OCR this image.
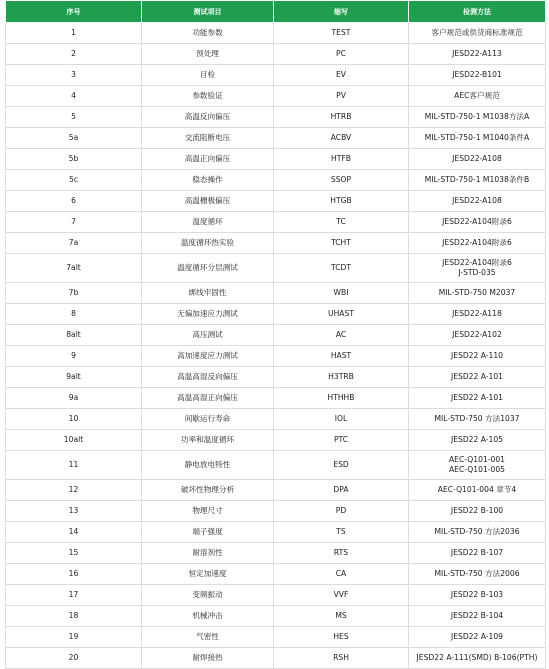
序号	测试项目	缩写	检测方法
1	功能参数	TEST	客户规范或供货商标准规范
2	预处理	PC	JESD22-A113
3	目检	EV	JESD22-B101
4	参数验证	PV	AEC客户规范
5	高温反向偏压	HTRB	MIL-STD-750-1 M1038方法A
5a	交流阻断电压	ACBV	MIL-STD-750-1 M1040条件A
5b	高温正向偏压	HTFB	JESD22-A108
5c	稳态操作	SSOP	MIL-STD-750-1 M1038条件B
6	高温栅极偏压	HTGB	JESD22-A108
7	温度循环	TC	JESD22-A104附录6
7a	温度循环热实验	TCHT	JESD22-A104附录6
7alt	温度循环分层测试	TCDT	JESD22-A104附录6
J-STD-035

7b	绑线牢固性	WBI	MIL-STD-750 M2037
8	无偏加速应力测试	UHAST	JESD22-A118
8alt	高压测试	AC	JESD22-A102
9	高加速度应力测试	HAST	JESD22 A-110
9alt	高温高湿反向偏压	H3TRB	JESD22 A-101
9a	高温高湿正向偏压	HTHHB	JESD22 A-101
10	间歇运行寿命	IOL	MIL-STD-750 方法1037
10alt	功率和温度循环	PTC	JESD22 A-105
11	静电放电特性	ESD	AEC-Q101-001
AEC-Q101-005

12	破坏性物理分析	DPA	AEC-Q101-004 章节4
13	物理尺寸	PD	JESD22 B-100
14	端子强度	TS	MIL-STD-750 方法2036
15	耐溶剂性	RTS	JESD22 B-107
16	恒定加速度	CA	MIL-STD-750 方法2006
17	变频振动	VVF	JESD22 B-103
18	机械冲击	MS	JESD22 B-104
19	气密性	HES	JESD22 A-109
20	耐焊接热	RSH	JESD22 A-111(SMD) B-106(PTH)
